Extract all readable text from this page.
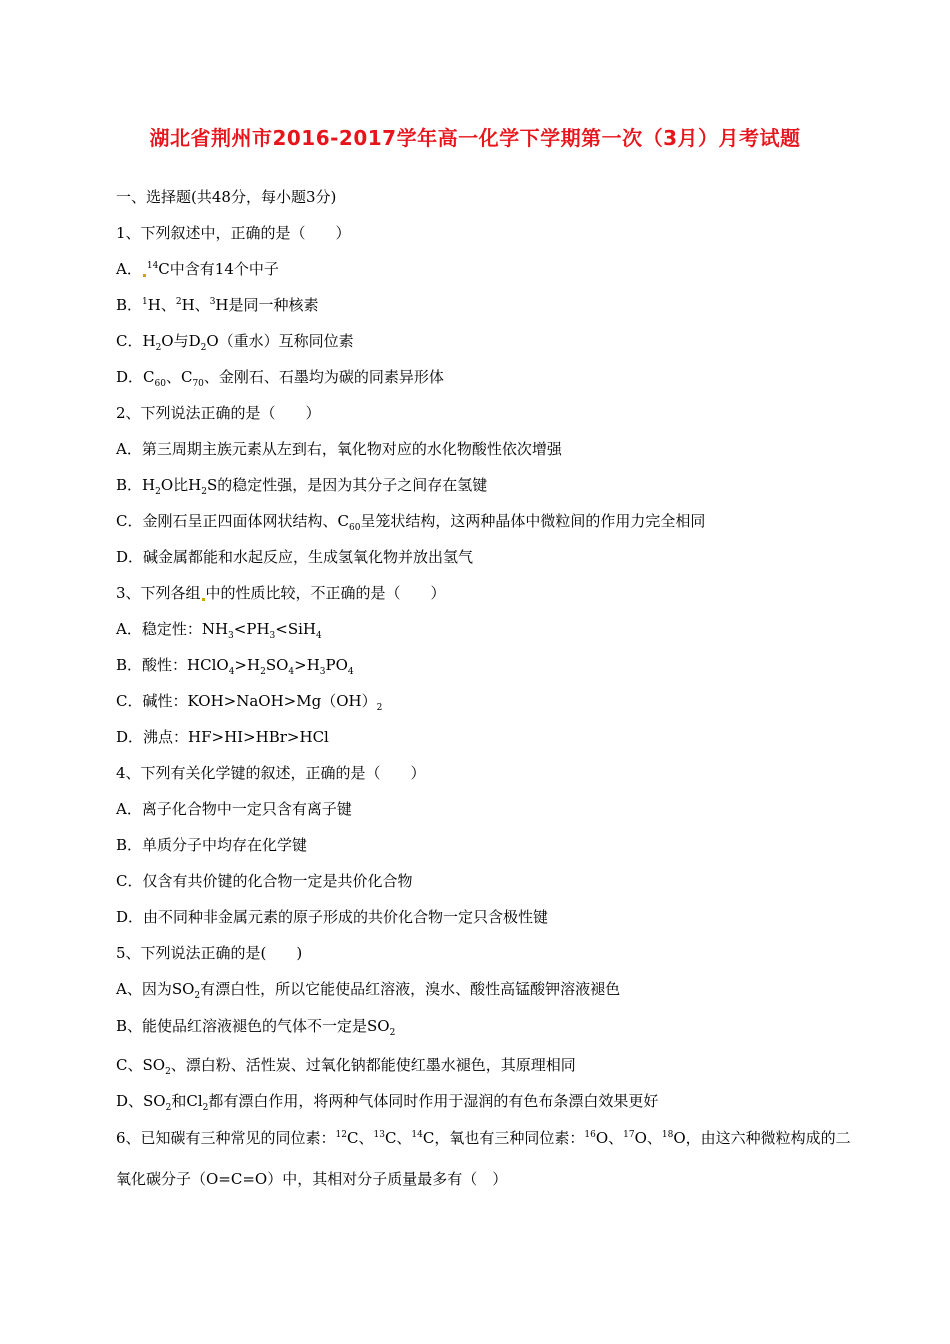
湖北省荆州市2016-2017学年高一化学下学期第一次（3月）月考试题
一、选择题(共48分，每小题3分)
1、下列叙述中，正确的是（　　）
A． $^{14}$C中含有14个中子
B．$^1$H、$^2$H、$^3$H是同一种核素
C．$H_2O$与$D_2O$（重水）互称同位素
D．$C_{60}$、$C_{70}$、金刚石、石墨均为碳的同素异形体
2、下列说法正确的是（　　）
A．第三周期主族元素从左到右，氧化物对应的水化物酸性依次增强
B．$H_2O$比$H_2S$的稳定性强，是因为其分子之间存在氢键
C．金刚石呈正四面体网状结构、$C_{60}$呈笼状结构，这两种晶体中微粒间的作用力完全相同
D．碱金属都能和水起反应，生成氢氧化物并放出氢气
3、下列各组 中的性质比较，不正确的是（　　）
A．稳定性：$NH_3<PH_3<SiH_4$
B．酸性：$HClO_4>H_2SO_4>H_3PO_4$
C．碱性：$KOH>NaOH>Mg(OH)_2$
D．沸点：HF>HI>HBr>HCl
4、下列有关化学键的叙述，正确的是（　　）
A．离子化合物中一定只含有离子键
B．单质分子中均存在化学键
C．仅含有共价键的化合物一定是共价化合物
D．由不同种非金属元素的原子形成的共价化合物一定只含极性键
5、下列说法正确的是(　　)
A、因为$SO_2$有漂白性，所以它能使品红溶液，溴水、酸性高锰酸钾溶液褪色
B、能使品红溶液褪色的气体不一定是$SO_2$
C、$SO_2$、漂白粉、活性炭、过氧化钠都能使红墨水褪色，其原理相同
D、$SO_2$和$Cl_2$都有漂白作用，将两种气体同时作用于湿润的有色布条漂白效果更好
6、已知碳有三种常见的同位素：$^{12}$C、$^{13}$C、$^{14}$C，氧也有三种同位素：$^{16}$O、$^{17}$O、$^{18}$O，由这六种微粒构成的二
氧化碳分子（O=C=O）中，其相对分子质量最多有（　）
